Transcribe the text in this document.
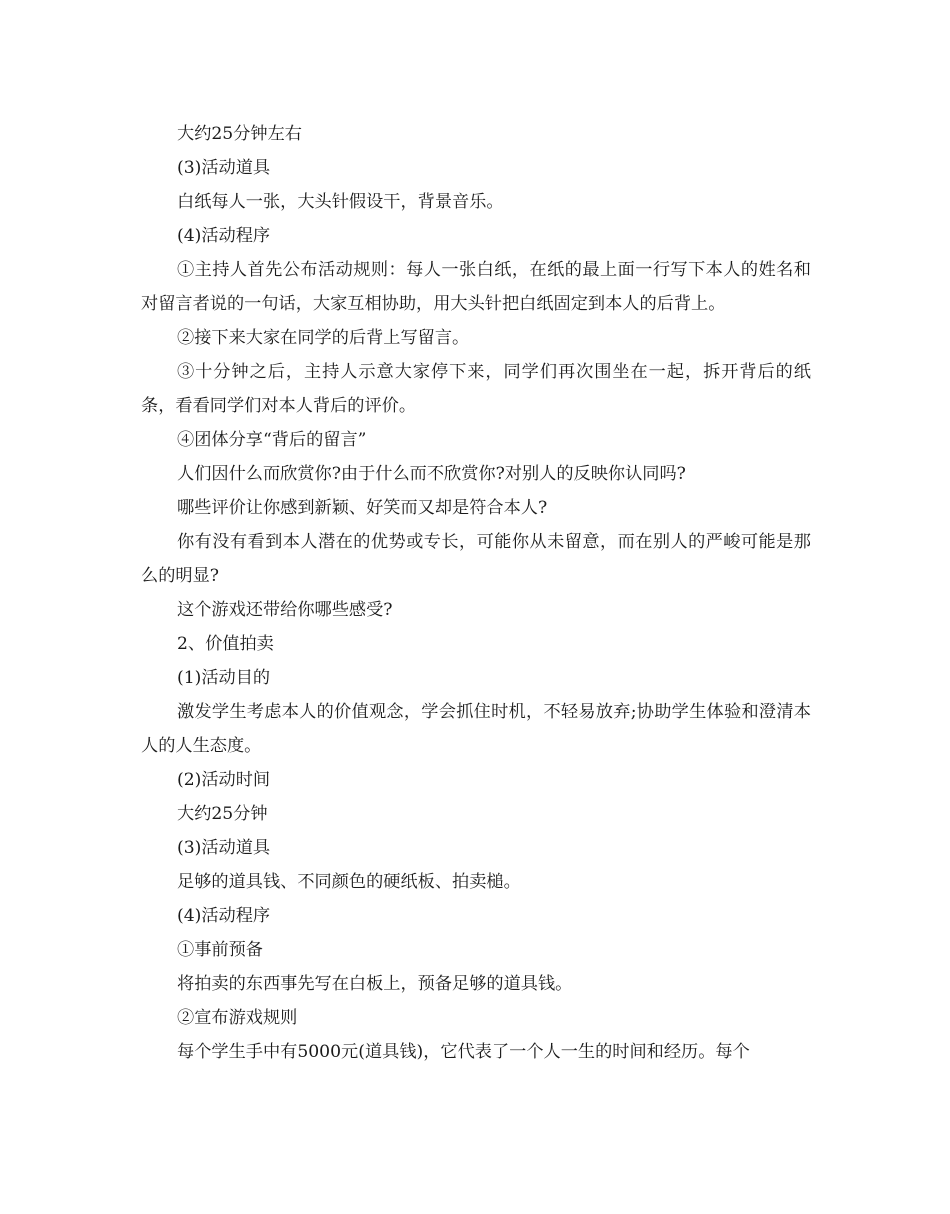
大约25分钟左右

(3)活动道具

白纸每人一张，大头针假设干，背景音乐。

(4)活动程序

①主持人首先公布活动规则：每人一张白纸，在纸的最上面一行写下本人的姓名和对留言者说的一句话，大家互相协助，用大头针把白纸固定到本人的后背上。

②接下来大家在同学的后背上写留言。

③十分钟之后，主持人示意大家停下来，同学们再次围坐在一起，拆开背后的纸条，看看同学们对本人背后的评价。

④团体分享“背后的留言”

人们因什么而欣赏你?由于什么而不欣赏你?对别人的反映你认同吗?

哪些评价让你感到新颖、好笑而又却是符合本人?

你有没有看到本人潜在的优势或专长，可能你从未留意，而在别人的严峻可能是那么的明显?

这个游戏还带给你哪些感受?

2、价值拍卖

(1)活动目的

激发学生考虑本人的价值观念，学会抓住时机，不轻易放弃;协助学生体验和澄清本人的人生态度。

(2)活动时间

大约25分钟

(3)活动道具

足够的道具钱、不同颜色的硬纸板、拍卖槌。

(4)活动程序

①事前预备

将拍卖的东西事先写在白板上，预备足够的道具钱。

②宣布游戏规则

每个学生手中有5000元(道具钱)，它代表了一个人一生的时间和经历。每个
